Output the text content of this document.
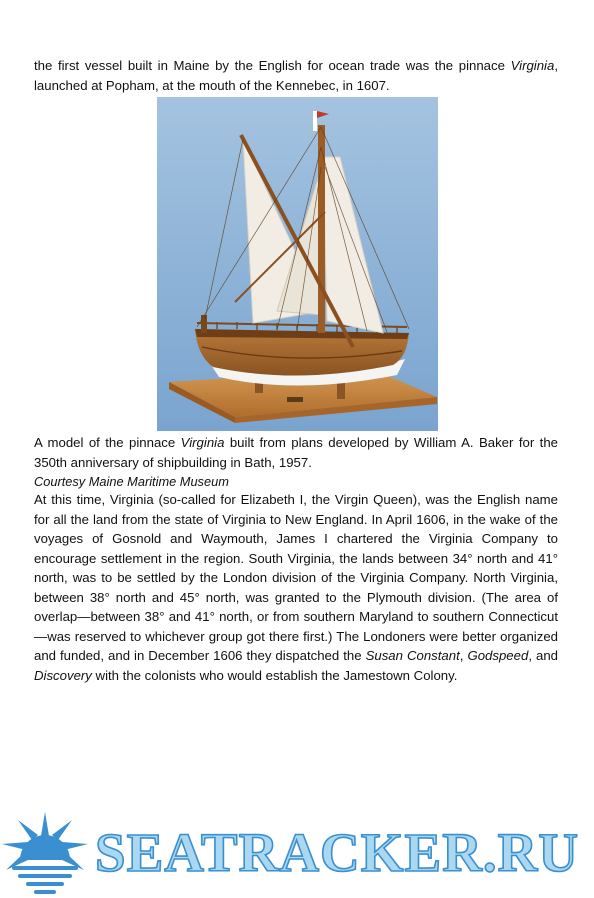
the first vessel built in Maine by the English for ocean trade was the pinnace Virginia, launched at Popham, at the mouth of the Kennebec, in 1607.
A model of the pinnace Virginia built from plans developed by William A. Baker for the 350th anniversary of shipbuilding in Bath, 1957.
Courtesy Maine Maritime Museum
At this time, Virginia (so-called for Elizabeth I, the Virgin Queen), was the English name for all the land from the state of Virginia to New England. In April 1606, in the wake of the voyages of Gosnold and Waymouth, James I chartered the Virginia Company to encourage settlement in the region. South Virginia, the lands between 34° north and 41° north, was to be settled by the London division of the Virginia Company. North Virginia, between 38° north and 45° north, was granted to the Plymouth division. (The area of overlap—between 38° and 41° north, or from southern Maryland to southern Connecticut—was reserved to whichever group got there first.) The Londoners were better organized and funded, and in December 1606 they dispatched the Susan Constant, Godspeed, and Discovery with the colonists who would establish the Jamestown Colony.
SEATRACKER.RU
